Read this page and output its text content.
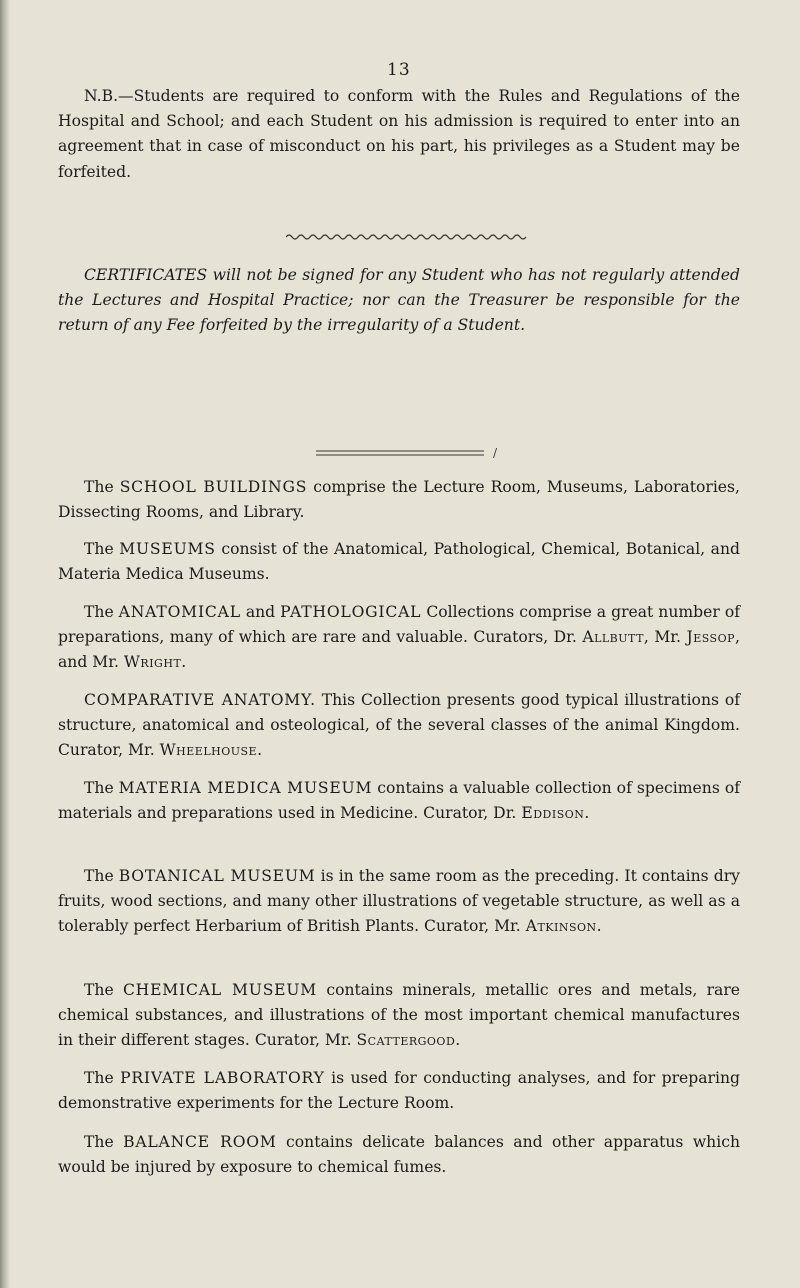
13

N.B.—Students are required to conform with the Rules and Regulations of the Hospital and School; and each Student on his admission is required to enter into an agreement that in case of misconduct on his part, his privileges as a Student may be forfeited.

CERTIFICATES will not be signed for any Student who has not regularly attended the Lectures and Hospital Practice; nor can the Treasurer be responsible for the return of any Fee forfeited by the irregularity of a Student.

/

The SCHOOL BUILDINGS comprise the Lecture Room, Museums, Laboratories, Dissecting Rooms, and Library.

The MUSEUMS consist of the Anatomical, Pathological, Chemical, Botanical, and Materia Medica Museums.

The ANATOMICAL and PATHOLOGICAL Collections comprise a great number of preparations, many of which are rare and valuable. Curators, Dr. Allbutt, Mr. Jessop, and Mr. Wright.

COMPARATIVE ANATOMY. This Collection presents good typical illustrations of structure, anatomical and osteological, of the several classes of the animal Kingdom. Curator, Mr. Wheelhouse.

The MATERIA MEDICA MUSEUM contains a valuable collection of specimens of materials and preparations used in Medicine. Curator, Dr. Eddison.

The BOTANICAL MUSEUM is in the same room as the preceding. It contains dry fruits, wood sections, and many other illustrations of vegetable structure, as well as a tolerably perfect Herbarium of British Plants. Curator, Mr. Atkinson.

The CHEMICAL MUSEUM contains minerals, metallic ores and metals, rare chemical substances, and illustrations of the most important chemical manufactures in their different stages. Curator, Mr. Scattergood.

The PRIVATE LABORATORY is used for conducting analyses, and for preparing demonstrative experiments for the Lecture Room.

The BALANCE ROOM contains delicate balances and other apparatus which would be injured by exposure to chemical fumes.
